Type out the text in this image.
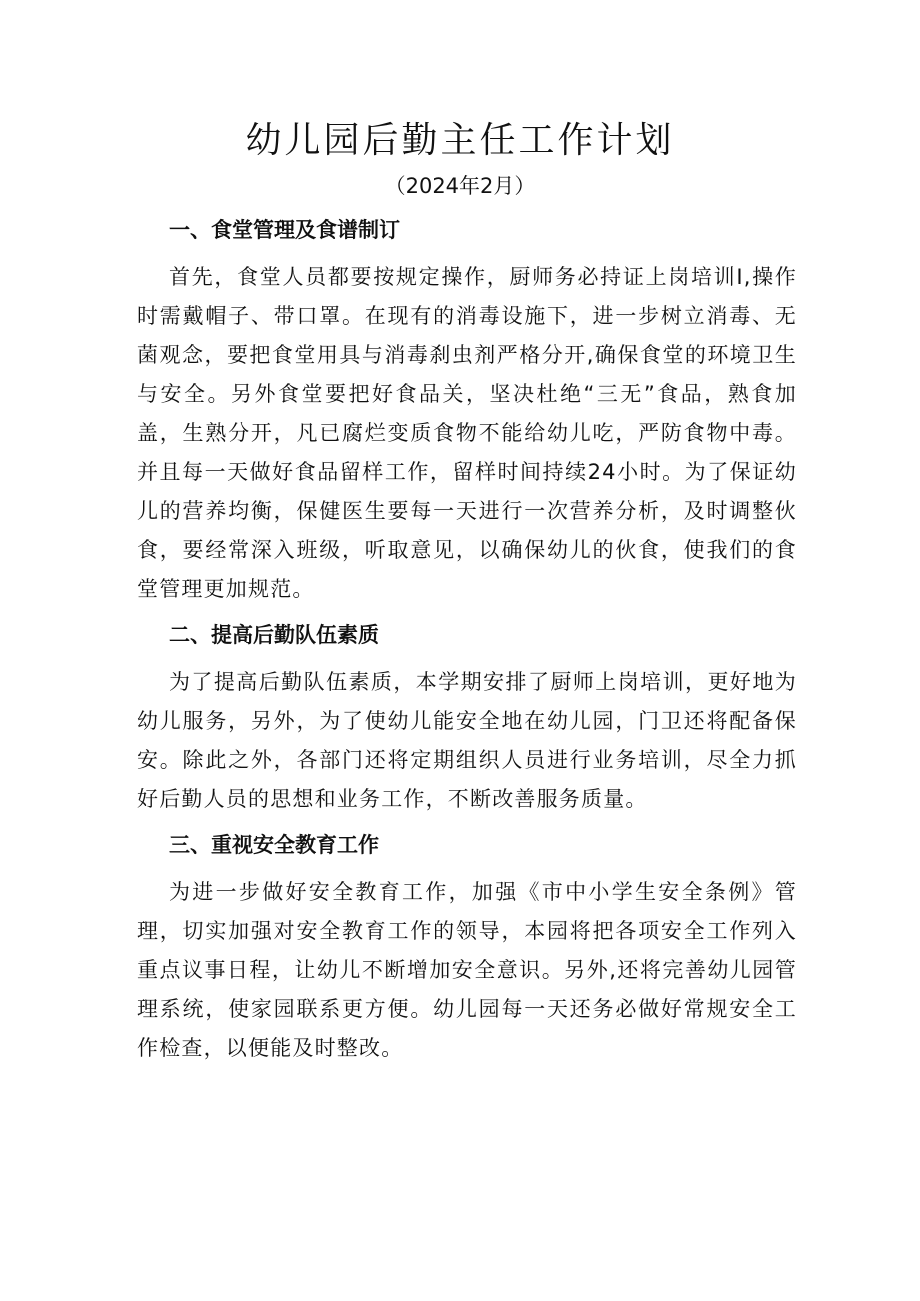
幼儿园后勤主任工作计划

（2024年2月）

一、食堂管理及食谱制订

首先，食堂人员都要按规定操作，厨师务必持证上岗培训I,操作时需戴帽子、带口罩。在现有的消毒设施下，进一步树立消毒、无菌观念，要把食堂用具与消毒刹虫剂严格分开,确保食堂的环境卫生与安全。另外食堂要把好食品关，坚决杜绝“三无”食品，熟食加盖，生熟分开，凡已腐烂变质食物不能给幼儿吃，严防食物中毒。并且每一天做好食品留样工作，留样时间持续24小时。为了保证幼儿的营养均衡，保健医生要每一天进行一次营养分析，及时调整伙食，要经常深入班级，听取意见，以确保幼儿的伙食，使我们的食堂管理更加规范。

二、提高后勤队伍素质

为了提高后勤队伍素质，本学期安排了厨师上岗培训，更好地为幼儿服务，另外，为了使幼儿能安全地在幼儿园，门卫还将配备保安。除此之外，各部门还将定期组织人员进行业务培训，尽全力抓好后勤人员的思想和业务工作，不断改善服务质量。

三、重视安全教育工作

为进一步做好安全教育工作，加强《市中小学生安全条例》管理，切实加强对安全教育工作的领导，本园将把各项安全工作列入重点议事日程，让幼儿不断增加安全意识。另外,还将完善幼儿园管理系统，使家园联系更方便。幼儿园每一天还务必做好常规安全工作检查，以便能及时整改。
